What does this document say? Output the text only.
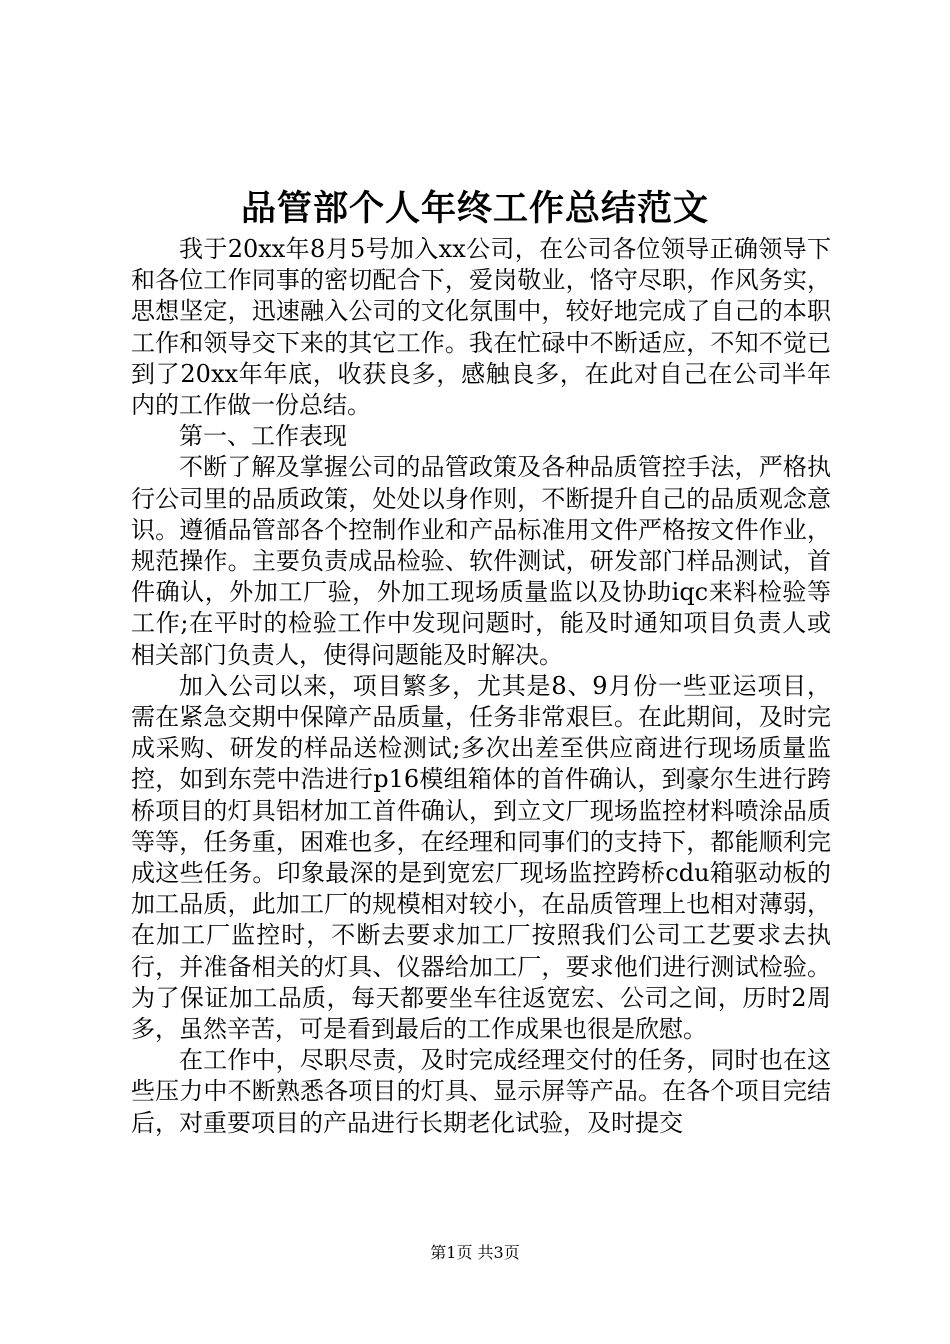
品管部个人年终工作总结范文

我于20xx年8月5号加入xx公司，在公司各位领导正确领导下和各位工作同事的密切配合下，爱岗敬业，恪守尽职，作风务实，思想坚定，迅速融入公司的文化氛围中，较好地完成了自己的本职工作和领导交下来的其它工作。我在忙碌中不断适应，不知不觉已到了20xx年年底，收获良多，感触良多，在此对自己在公司半年内的工作做一份总结。

第一、工作表现

不断了解及掌握公司的品管政策及各种品质管控手法，严格执行公司里的品质政策，处处以身作则，不断提升自己的品质观念意识。遵循品管部各个控制作业和产品标准用文件严格按文件作业，规范操作。主要负责成品检验、软件测试，研发部门样品测试，首件确认，外加工厂验，外加工现场质量监以及协助iqc来料检验等工作;在平时的检验工作中发现问题时，能及时通知项目负责人或相关部门负责人，使得问题能及时解决。

加入公司以来，项目繁多，尤其是8、9月份一些亚运项目，需在紧急交期中保障产品质量，任务非常艰巨。在此期间，及时完成采购、研发的样品送检测试;多次出差至供应商进行现场质量监控，如到东莞中浩进行p16模组箱体的首件确认，到豪尔生进行跨桥项目的灯具铝材加工首件确认，到立文厂现场监控材料喷涂品质等等，任务重，困难也多，在经理和同事们的支持下，都能顺利完成这些任务。印象最深的是到宽宏厂现场监控跨桥cdu箱驱动板的加工品质，此加工厂的规模相对较小，在品质管理上也相对薄弱，在加工厂监控时，不断去要求加工厂按照我们公司工艺要求去执行，并准备相关的灯具、仪器给加工厂，要求他们进行测试检验。为了保证加工品质，每天都要坐车往返宽宏、公司之间，历时2周多，虽然辛苦，可是看到最后的工作成果也很是欣慰。

在工作中，尽职尽责，及时完成经理交付的任务，同时也在这些压力中不断熟悉各项目的灯具、显示屏等产品。在各个项目完结后，对重要项目的产品进行长期老化试验，及时提交

第1页 共3页
